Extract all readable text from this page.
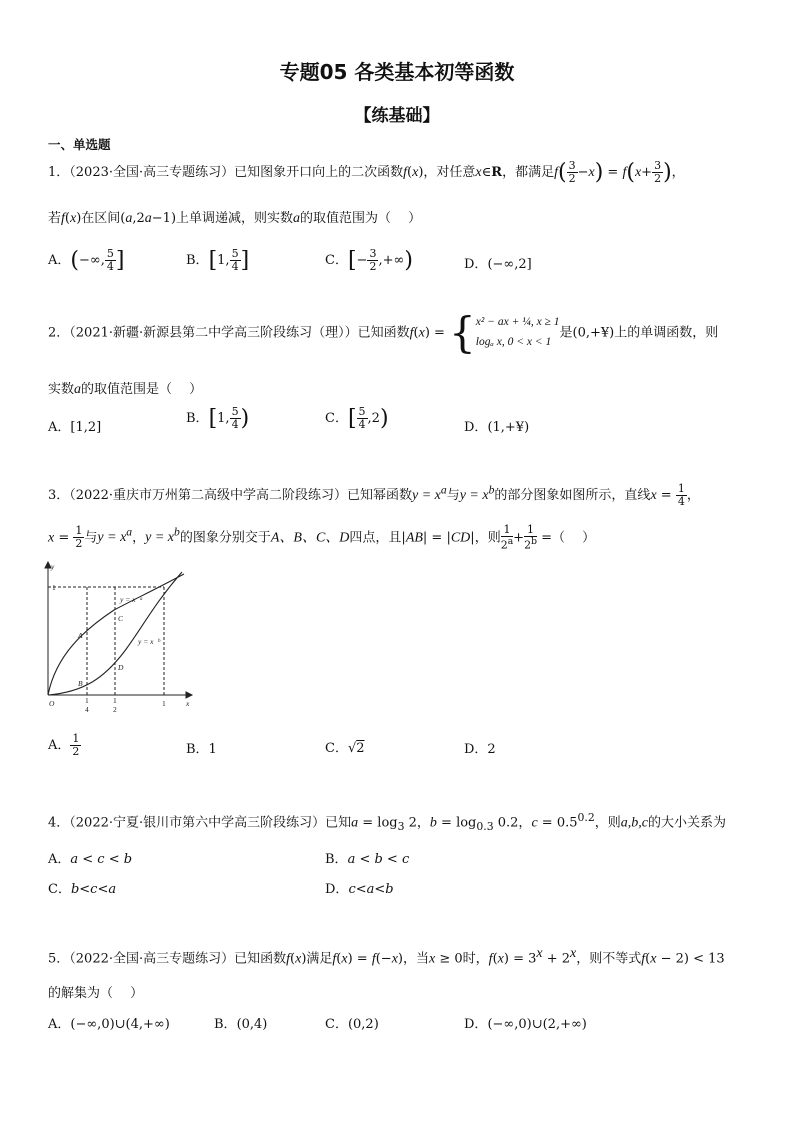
专题05 各类基本初等函数
【练基础】
一、单选题
1．（2023·全国·高三专题练习）已知图象开口向上的二次函数f(x)，对任意x∈R，都满足$f( \frac{3}{2} -x) = f(x+ \frac{3}{2}$ )，
若f(x)在区间(a,2a−1)上单调递减，则实数a的取值范围为（　 ）
A．(−∞, $\frac{5}{4}$ ]	B．[1, $\frac{5}{4}$ ]	C．[− $\frac{3}{2}$ ,+∞)	D．(−∞,2]
2．（2021·新疆·新源县第二中学高三阶段练习（理））已知函数f(x) = {x² − ax + ¼, x ≥ 1
logₐ x, 0 < x < 1是(0,+¥)上的单调函数，则
实数a的取值范围是（　 ）
A．[1,2]
B．[1, $\frac{5}{4}$ )	C．[ $\frac{5}{4} ,2$)	D．(1,+¥)
3．（2022·重庆市万州第二高级中学高二阶段练习）已知幂函数$y = x^a$与$y = x^b$的部分图象如图所示，直线$x = \frac{1}{4}$ ，
$x = \frac{1}{2}$ 与$y = x^a$，$y = x^b$的图象分别交于A、B、C、D四点，且|AB| = |CD|，则 $\frac{1}{2^a} + \frac{1}{2^b}$ =（　 ）
y
x
O
1
1
4
1
2
1
y = x a
y = x b
A
B
C
D
A． $\frac{1}{2}$	B．1	C．√2	D．2
4．（2022·宁夏·银川市第六中学高三阶段练习）已知$a = \log_3 2$，$b = \log_{0.3} 0.2$，$c = 0.5^{0.2}$，则a,b,c的大小关系为
A．a < c < b	B．a < b < c
C．b<c<a	D．c<a<b
5．（2022·全国·高三专题练习）已知函数f(x)满足f(x) = f(−x)，当x ≥ 0时，$f(x) = 3^x + 2^x$，则不等式f(x − 2) < 13
的解集为（　 ）
A．(−∞,0)∪(4,+∞)	B．(0,4)	C．(0,2)	D．(−∞,0)∪(2,+∞)
